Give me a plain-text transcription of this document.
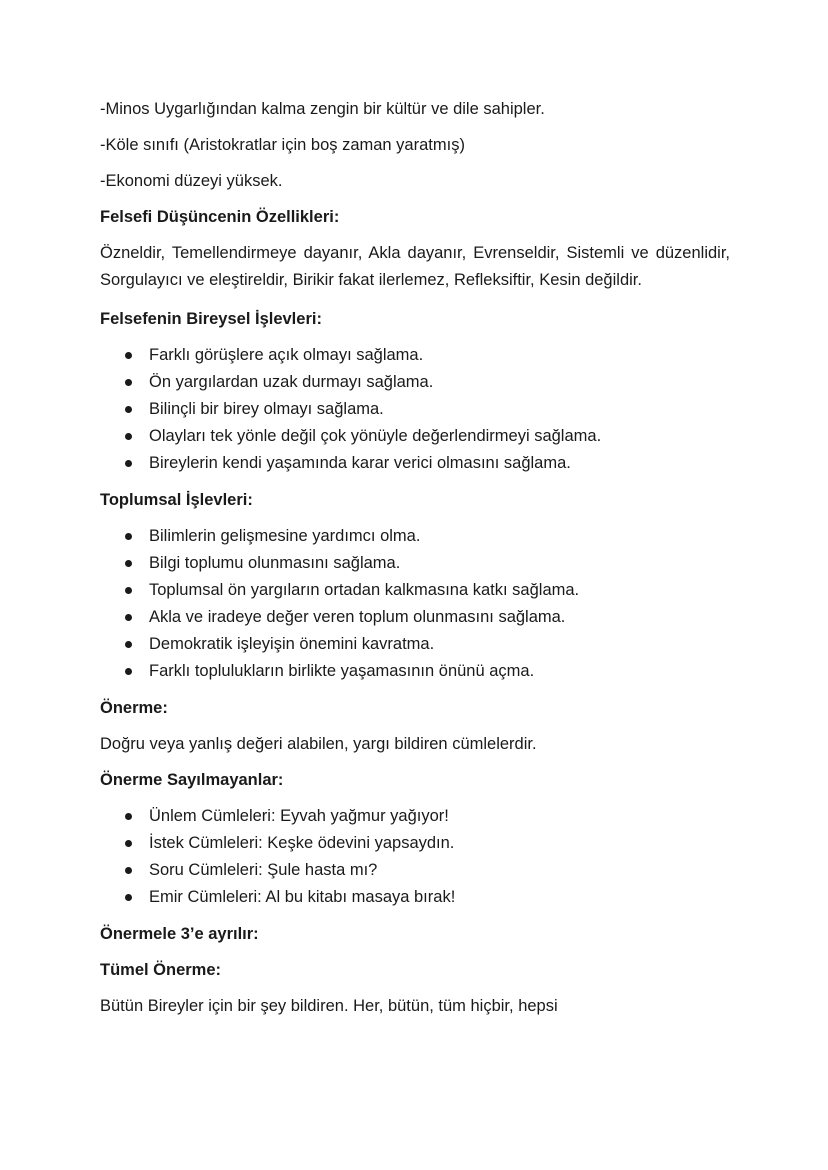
-Minos Uygarlığından kalma zengin bir kültür ve dile sahipler.

-Köle sınıfı (Aristokratlar için boş zaman yaratmış)

-Ekonomi düzeyi yüksek.

Felsefi Düşüncenin Özellikleri:

Özneldir, Temellendirmeye dayanır, Akla dayanır, Evrenseldir, Sistemli ve düzenlidir, Sorgulayıcı ve eleştireldir, Birikir fakat ilerlemez, Refleksiftir, Kesin değildir.

Felsefenin Bireysel İşlevleri:

Farklı görüşlere açık olmayı sağlama.
Ön yargılardan uzak durmayı sağlama.
Bilinçli bir birey olmayı sağlama.
Olayları tek yönle değil çok yönüyle değerlendirmeyi sağlama.
Bireylerin kendi yaşamında karar verici olmasını sağlama.

Toplumsal İşlevleri:

Bilimlerin gelişmesine yardımcı olma.
Bilgi toplumu olunmasını sağlama.
Toplumsal ön yargıların ortadan kalkmasına katkı sağlama.
Akla ve iradeye değer veren toplum olunmasını sağlama.
Demokratik işleyişin önemini kavratma.
Farklı toplulukların birlikte yaşamasının önünü açma.

Önerme:

Doğru veya yanlış değeri alabilen, yargı bildiren cümlelerdir.

Önerme Sayılmayanlar:

Ünlem Cümleleri: Eyvah yağmur yağıyor!
İstek Cümleleri: Keşke ödevini yapsaydın.
Soru Cümleleri: Şule hasta mı?
Emir Cümleleri: Al bu kitabı masaya bırak!

Önermele 3’e ayrılır:

Tümel Önerme:

Bütün Bireyler için bir şey bildiren. Her, bütün, tüm hiçbir, hepsi
